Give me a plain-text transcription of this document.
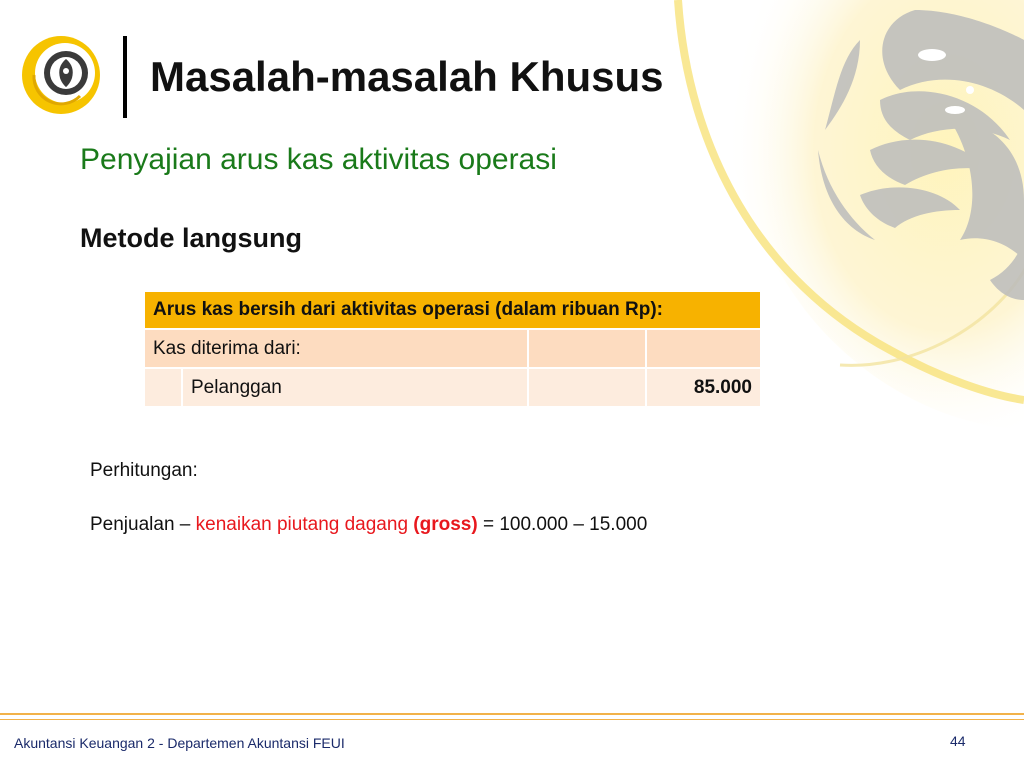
Masalah-masalah Khusus

Penyajian arus kas aktivitas operasi

Metode langsung

Arus kas bersih dari aktivitas operasi (dalam ribuan Rp):			
Kas diterima dari:			
	Pelanggan		85.000

Perhitungan:

Penjualan – kenaikan piutang dagang (gross) = 100.000 – 15.000

Akuntansi Keuangan 2 - Departemen Akuntansi FEUI	44
